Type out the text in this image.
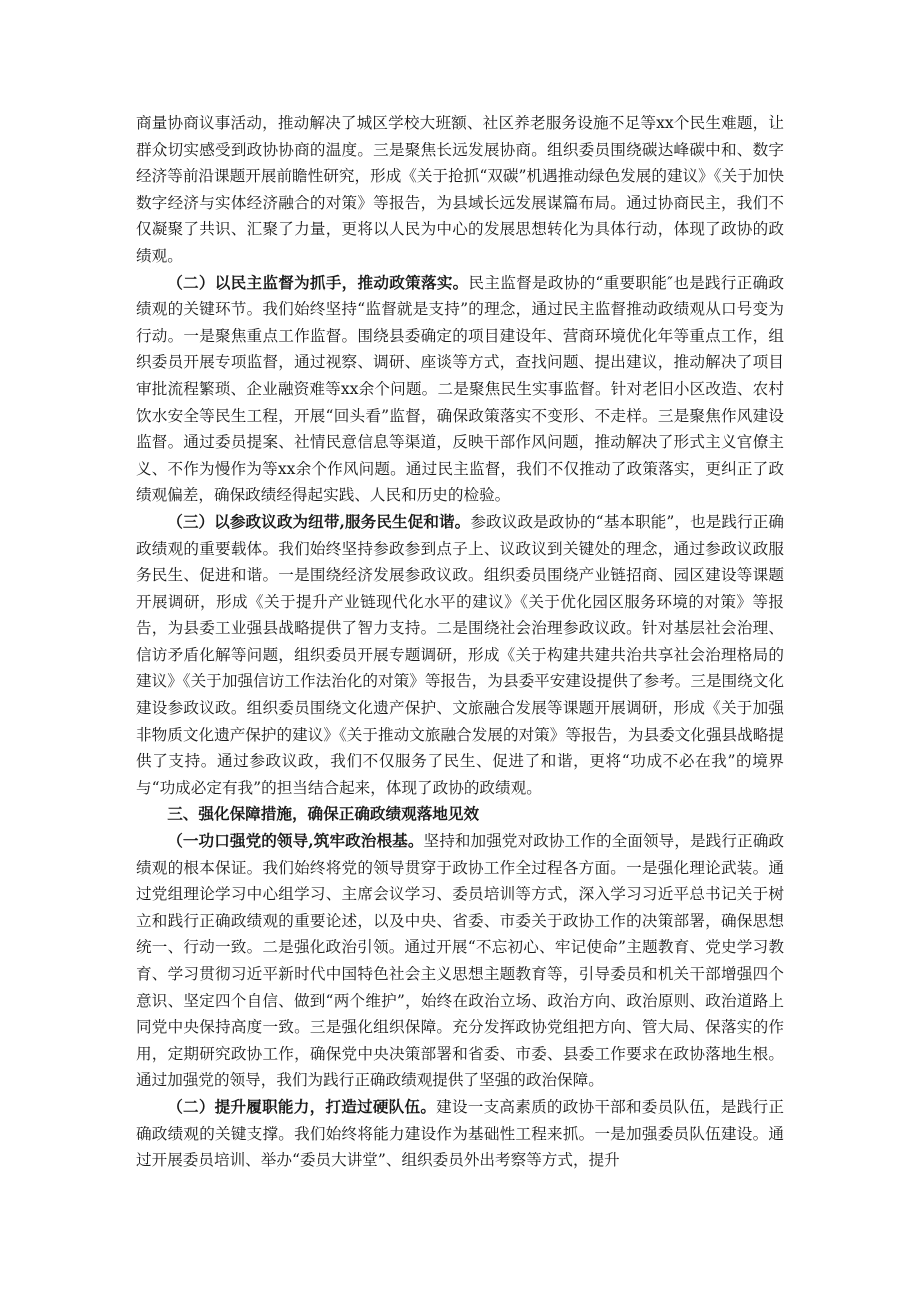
商量协商议事活动，推动解决了城区学校大班额、社区养老服务设施不足等xx个民生难题，让群众切实感受到政协协商的温度。三是聚焦长远发展协商。组织委员围绕碳达峰碳中和、数字经济等前沿课题开展前瞻性研究，形成《关于抢抓“双碳”机遇推动绿色发展的建议》《关于加快数字经济与实体经济融合的对策》等报告，为县域长远发展谋篇布局。通过协商民主，我们不仅凝聚了共识、汇聚了力量，更将以人民为中心的发展思想转化为具体行动，体现了政协的政绩观。

（二）以民主监督为抓手，推动政策落实。民主监督是政协的“重要职能″也是践行正确政绩观的关键环节。我们始终坚持“监督就是支持”的理念，通过民主监督推动政绩观从口号变为行动。一是聚焦重点工作监督。围绕县委确定的项目建设年、营商环境优化年等重点工作，组织委员开展专项监督，通过视察、调研、座谈等方式，查找问题、提出建议，推动解决了项目审批流程繁琐、企业融资难等xx余个问题。二是聚焦民生实事监督。针对老旧小区改造、农村饮水安全等民生工程，开展“回头看”监督，确保政策落实不变形、不走样。三是聚焦作风建设监督。通过委员提案、社情民意信息等渠道，反映干部作风问题，推动解决了形式主义官僚主义、不作为慢作为等xx余个作风问题。通过民主监督，我们不仅推动了政策落实，更纠正了政绩观偏差，确保政绩经得起实践、人民和历史的检验。

（三）以参政议政为纽带,服务民生促和谐。参政议政是政协的“基本职能”，也是践行正确政绩观的重要载体。我们始终坚持参政参到点子上、议政议到关键处的理念，通过参政议政服务民生、促进和谐。一是围绕经济发展参政议政。组织委员围绕产业链招商、园区建设等课题开展调研，形成《关于提升产业链现代化水平的建议》《关于优化园区服务环境的对策》等报告，为县委工业强县战略提供了智力支持。二是围绕社会治理参政议政。针对基层社会治理、信访矛盾化解等问题，组织委员开展专题调研，形成《关于构建共建共治共享社会治理格局的建议》《关于加强信访工作法治化的对策》等报告，为县委平安建设提供了参考。三是围绕文化建设参政议政。组织委员围绕文化遗产保护、文旅融合发展等课题开展调研，形成《关于加强非物质文化遗产保护的建议》《关于推动文旅融合发展的对策》等报告，为县委文化强县战略提供了支持。通过参政议政，我们不仅服务了民生、促进了和谐，更将“功成不必在我”的境界与“功成必定有我”的担当结合起来，体现了政协的政绩观。

三、强化保障措施，确保正确政绩观落地见效

（一功口强党的领导,筑牢政治根基。坚持和加强党对政协工作的全面领导，是践行正确政绩观的根本保证。我们始终将党的领导贯穿于政协工作全过程各方面。一是强化理论武装。通过党组理论学习中心组学习、主席会议学习、委员培训等方式，深入学习习近平总书记关于树立和践行正确政绩观的重要论述，以及中央、省委、市委关于政协工作的决策部署，确保思想统一、行动一致。二是强化政治引领。通过开展“不忘初心、牢记使命”主题教育、党史学习教育、学习贯彻习近平新时代中国特色社会主义思想主题教育等，引导委员和机关干部增强四个意识、坚定四个自信、做到“两个维护”，始终在政治立场、政治方向、政治原则、政治道路上同党中央保持高度一致。三是强化组织保障。充分发挥政协党组把方向、管大局、保落实的作用，定期研究政协工作，确保党中央决策部署和省委、市委、县委工作要求在政协落地生根。通过加强党的领导，我们为践行正确政绩观提供了坚强的政治保障。

（二）提升履职能力，打造过硬队伍。建设一支高素质的政协干部和委员队伍，是践行正确政绩观的关键支撑。我们始终将能力建设作为基础性工程来抓。一是加强委员队伍建设。通过开展委员培训、举办“委员大讲堂”、组织委员外出考察等方式，提升
